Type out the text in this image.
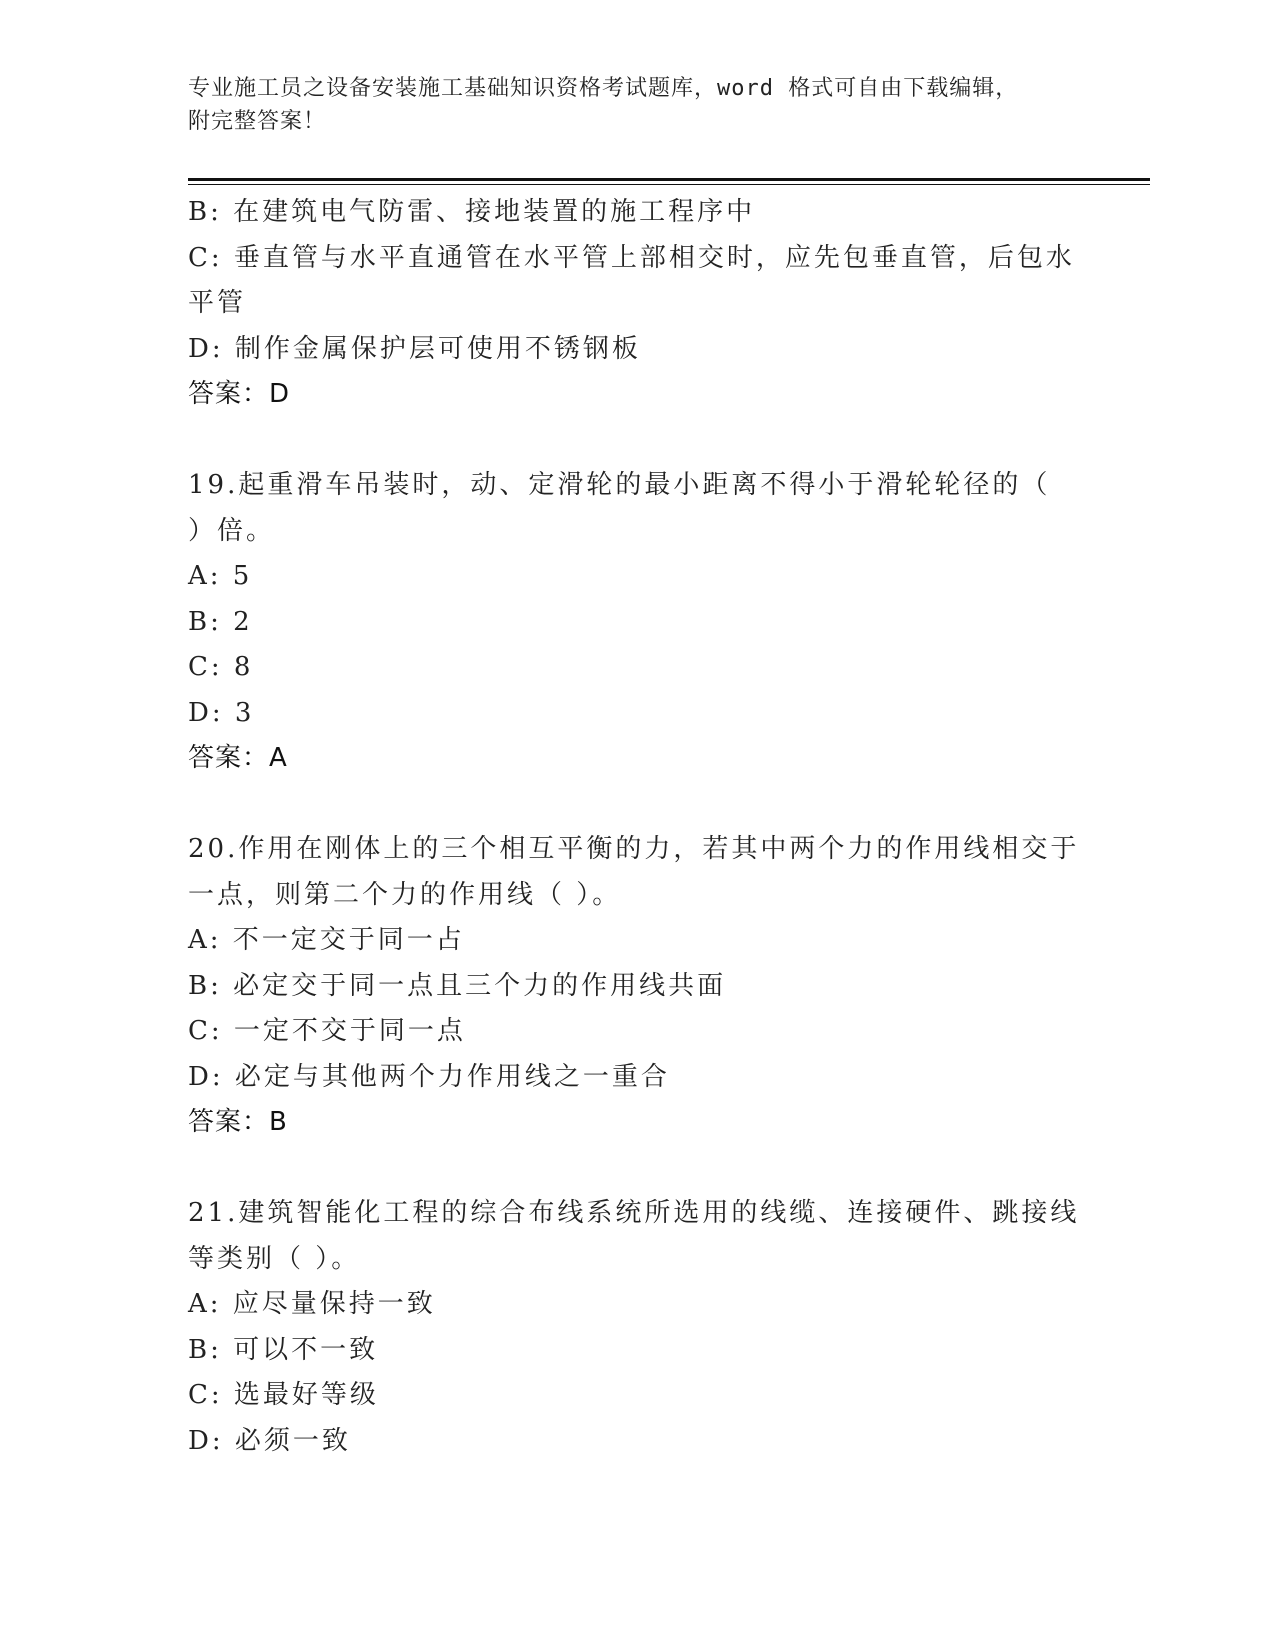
专业施工员之设备安装施工基础知识资格考试题库，word 格式可自由下载编辑，
附完整答案！
B: 在建筑电气防雷、接地装置的施工程序中
C: 垂直管与水平直通管在水平管上部相交时，应先包垂直管，后包水
平管
D: 制作金属保护层可使用不锈钢板
答案：D
19.起重滑车吊装时，动、定滑轮的最小距离不得小于滑轮轮径的（
）倍。
A: 5
B: 2
C: 8
D: 3
答案：A
20.作用在刚体上的三个相互平衡的力，若其中两个力的作用线相交于
一点，则第二个力的作用线（ ）。
A: 不一定交于同一占
B: 必定交于同一点且三个力的作用线共面
C: 一定不交于同一点
D: 必定与其他两个力作用线之一重合
答案：B
21.建筑智能化工程的综合布线系统所选用的线缆、连接硬件、跳接线
等类别（ ）。
A: 应尽量保持一致
B: 可以不一致
C: 选最好等级
D: 必须一致
